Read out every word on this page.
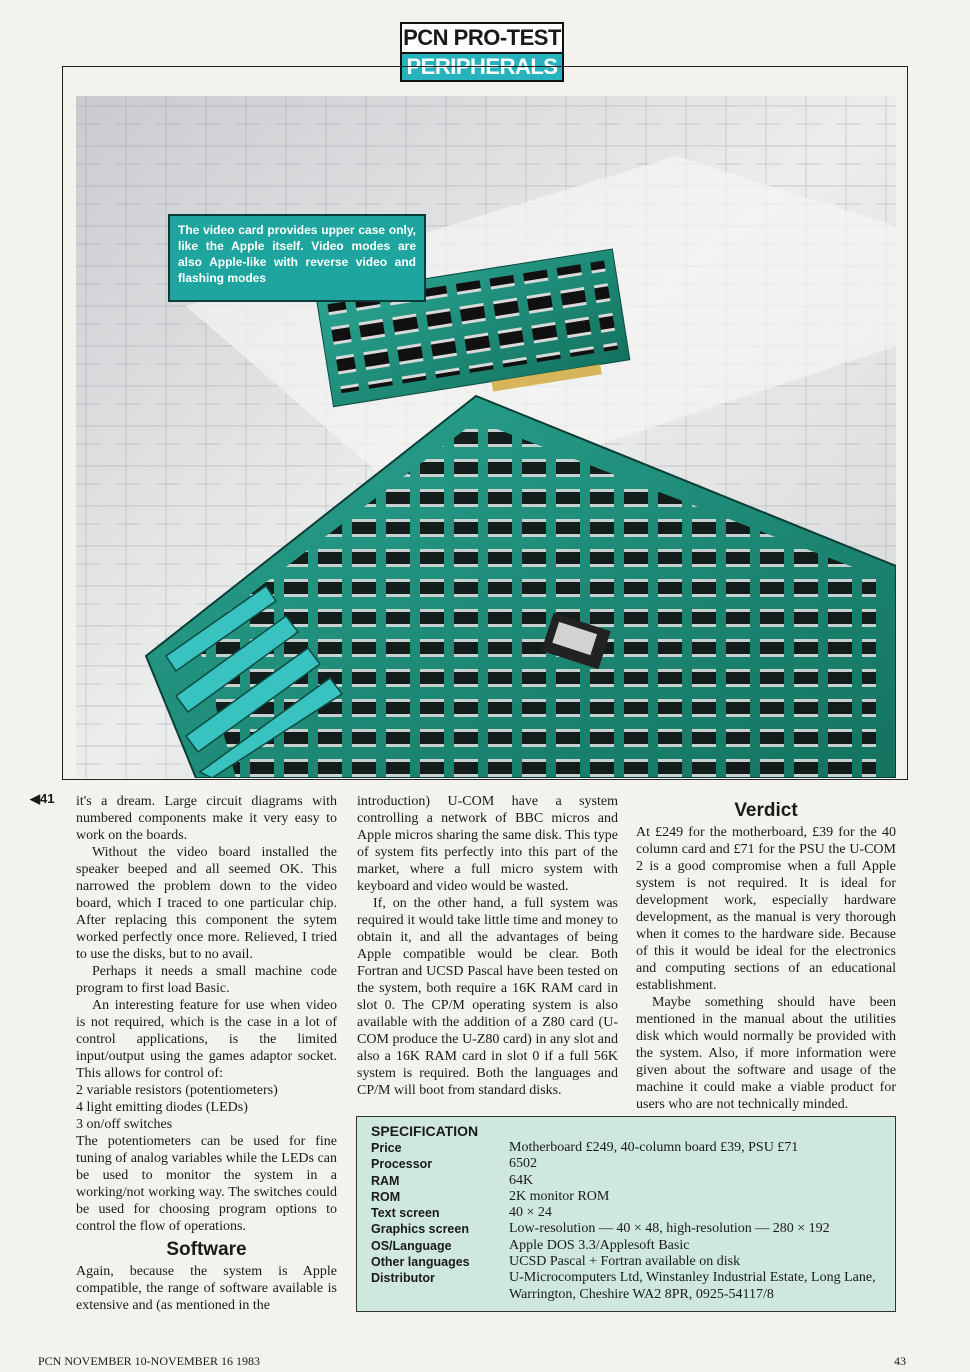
PCN PRO-TEST
PERIPHERALS
The video card provides upper case only, like the Apple itself. Video modes are also Apple-like with reverse video and flashing modes
◀41 it's a dream. Large circuit diagrams with numbered components make it very easy to work on the boards.

Without the video board installed the speaker beeped and all seemed OK. This narrowed the problem down to the video board, which I traced to one particular chip. After replacing this component the sytem worked perfectly once more. Relieved, I tried to use the disks, but to no avail.

Perhaps it needs a small machine code program to first load Basic.

An interesting feature for use when video is not required, which is the case in a lot of control applications, is the limited input/output using the games adaptor socket. This allows for control of:

2 variable resistors (potentiometers)

4 light emitting diodes (LEDs)

3 on/off switches

The potentiometers can be used for fine tuning of analog variables while the LEDs can be used to monitor the system in a working/not working way. The switches could be used for choosing program options to control the flow of operations.

Software

Again, because the system is Apple compatible, the range of software available is extensive and (as mentioned in the

introduction) U-COM have a system controlling a network of BBC micros and Apple micros sharing the same disk. This type of system fits perfectly into this part of the market, where a full micro system with keyboard and video would be wasted.

If, on the other hand, a full system was required it would take little time and money to obtain it, and all the advantages of being Apple compatible would be clear. Both Fortran and UCSD Pascal have been tested on the system, both require a 16K RAM card in slot 0. The CP/M operating system is also available with the addition of a Z80 card (U-COM produce the U-Z80 card) in any slot and also a 16K RAM card in slot 0 if a full 56K system is required. Both the languages and CP/M will boot from standard disks.

Verdict

At £249 for the motherboard, £39 for the 40 column card and £71 for the PSU the U-COM 2 is a good compromise when a full Apple system is not required. It is ideal for development work, especially hardware development, as the manual is very thorough when it comes to the hardware side. Because of this it would be ideal for the electronics and computing sections of an educational establishment.

Maybe something should have been mentioned in the manual about the utilities disk which would normally be provided with the system. Also, if more information were given about the software and usage of the machine it could make a viable product for users who are not technically minded.

SPECIFICATION
Price	Motherboard £249, 40-column board £39, PSU £71
Processor	6502
RAM	64K
ROM	2K monitor ROM
Text screen	40 × 24
Graphics screen	Low-resolution — 40 × 48, high-resolution — 280 × 192
OS/Language	Apple DOS 3.3/Applesoft Basic
Other languages	UCSD Pascal + Fortran available on disk
Distributor	U-Microcomputers Ltd, Winstanley Industrial Estate, Long Lane, Warrington, Cheshire WA2 8PR, 0925-54117/8
PCN NOVEMBER 10-NOVEMBER 16 1983	43
